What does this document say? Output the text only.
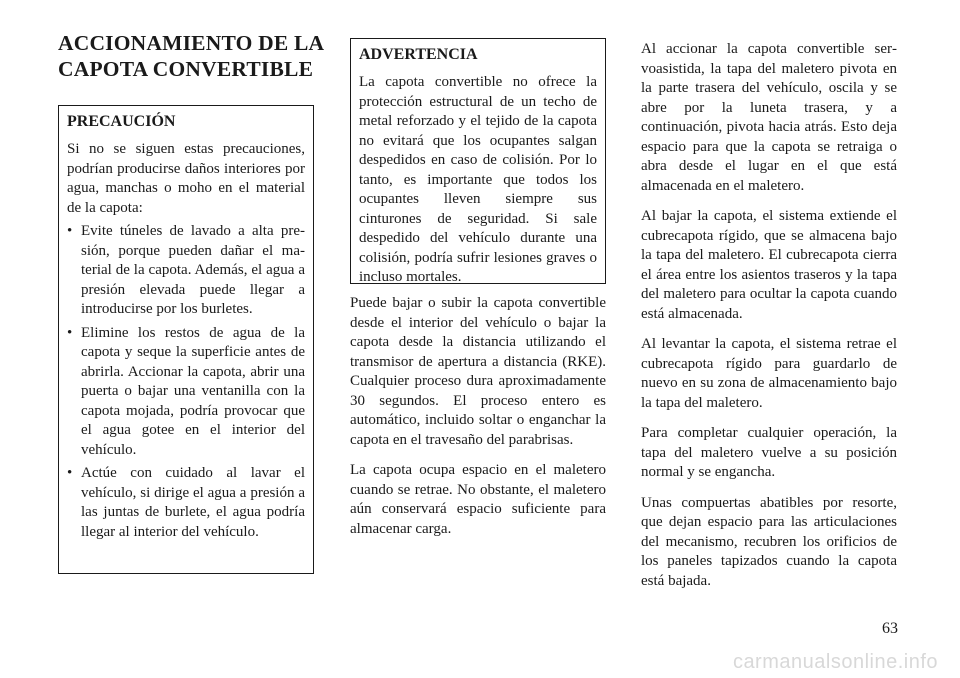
ACCIONAMIENTO DE LA CAPOTA CONVERTIBLE
PRECAUCIÓN

Si no se siguen estas precauciones, podrían producirse daños interiores por agua, manchas o moho en el material de la capota:

• Evite túneles de lavado a alta presión, porque pueden dañar el material de la capota. Además, el agua a presión elevada puede llegar a introducirse por los burletes.
• Elimine los restos de agua de la capota y seque la superficie antes de abrirla. Accionar la capota, abrir una puerta o bajar una ventanilla con la capota mojada, podría provocar que el agua gotee en el interior del vehículo.
• Actúe con cuidado al lavar el vehículo, si dirige el agua a presión a las juntas de burlete, el agua podría llegar al interior del vehículo.
ADVERTENCIA

La capota convertible no ofrece la protección estructural de un techo de metal reforzado y el tejido de la capota no evitará que los ocupantes salgan despedidos en caso de colisión. Por lo tanto, es importante que todos los ocupantes lleven siempre sus cinturones de seguridad. Si sale despedido del vehículo durante una colisión, podría sufrir lesiones graves o incluso mortales.

Puede bajar o subir la capota convertible desde el interior del vehículo o bajar la capota desde la distancia utilizando el transmisor de apertura a distancia (RKE). Cualquier proceso dura aproximadamente 30 segundos. El proceso entero es automático, incluido soltar o enganchar la capota en el travesaño del parabrisas.

La capota ocupa espacio en el maletero cuando se retrae. No obstante, el maletero aún conservará espacio suficiente para almacenar carga.

Al accionar la capota convertible servoasistida, la tapa del maletero pivota en la parte trasera del vehículo, oscila y se abre por la luneta trasera, y a continuación, pivota hacia atrás. Esto deja espacio para que la capota se retraiga o abra desde el lugar en el que está almacenada en el maletero.

Al bajar la capota, el sistema extiende el cubrecapota rígido, que se almacena bajo la tapa del maletero. El cubrecapota cierra el área entre los asientos traseros y la tapa del maletero para ocultar la capota cuando está almacenada.

Al levantar la capota, el sistema retrae el cubrecapota rígido para guardarlo de nuevo en su zona de almacenamiento bajo la tapa del maletero.

Para completar cualquier operación, la tapa del maletero vuelve a su posición normal y se engancha.

Unas compuertas abatibles por resorte, que dejan espacio para las articulaciones del mecanismo, recubren los orificios de los paneles tapizados cuando la capota está bajada.

63
carmanualsonline.info
